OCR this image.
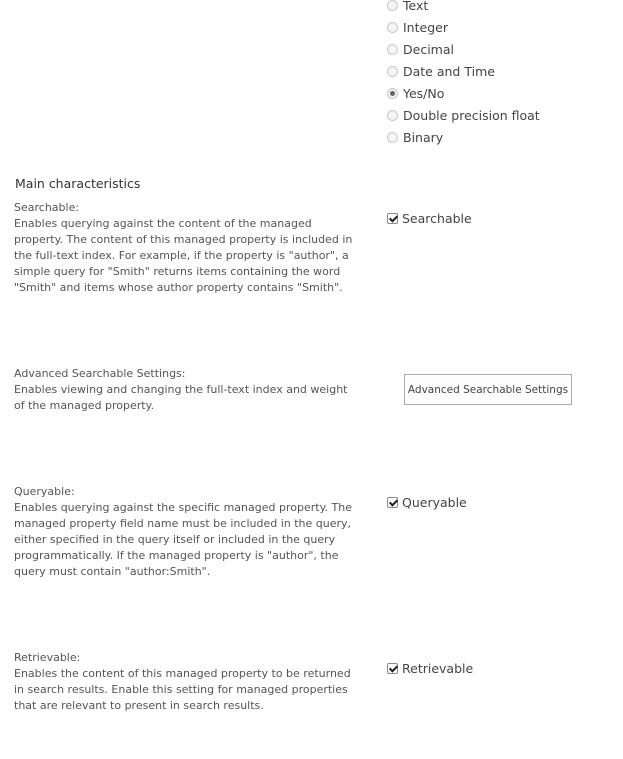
Text
Integer
Decimal
Date and Time
Yes/No
Double precision float
Binary
Main characteristics
Searchable:
Enables querying against the content of the managed property. The content of this managed property is included in the full-text index. For example, if the property is "author", a simple query for "Smith" returns items containing the word "Smith" and items whose author property contains "Smith".
Searchable
Advanced Searchable Settings:
Enables viewing and changing the full-text index and weight of the managed property.
Advanced Searchable Settings
Queryable:
Enables querying against the specific managed property. The managed property field name must be included in the query, either specified in the query itself or included in the query programmatically. If the managed property is "author", the query must contain "author:Smith".
Queryable
Retrievable:
Enables the content of this managed property to be returned in search results. Enable this setting for managed properties that are relevant to present in search results.
Retrievable
